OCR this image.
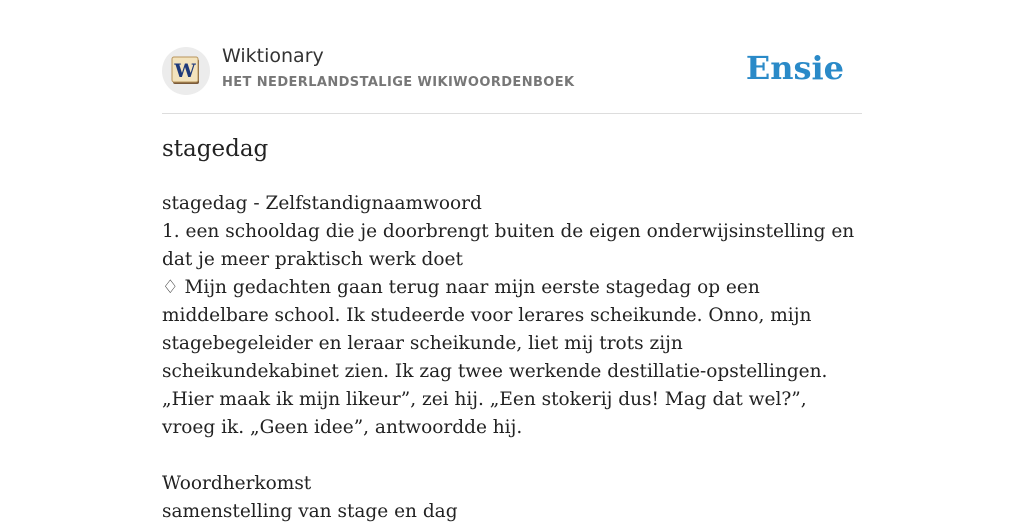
W
Wiktionary
HET NEDERLANDSTALIGE WIKIWOORDENBOEK	Ensie
stagedag

stagedag - Zelfstandignaamwoord

1. een schooldag die je doorbrengt buiten de eigen onderwijsinstelling en dat je meer praktisch werk doet

♢ Mijn gedachten gaan terug naar mijn eerste stagedag op een middelbare school. Ik studeerde voor lerares scheikunde. Onno, mijn stagebegeleider en leraar scheikunde, liet mij trots zijn scheikundekabinet zien. Ik zag twee werkende destillatie-opstellingen. „Hier maak ik mijn likeur”, zei hij. „Een stokerij dus! Mag dat wel?”, vroeg ik. „Geen idee”, antwoordde hij.

Woordherkomst

samenstelling van stage en dag
